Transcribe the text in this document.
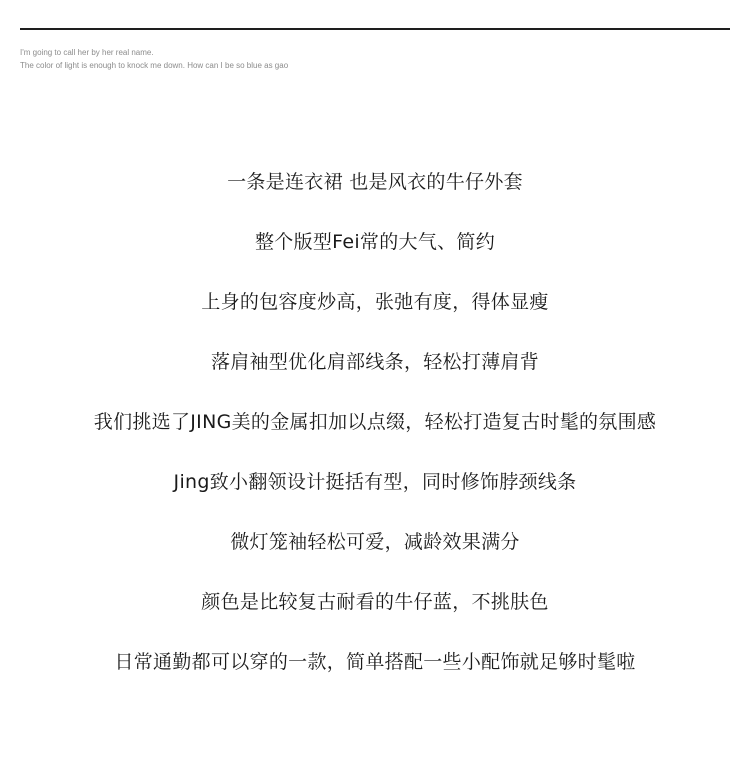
I'm going to call her by her real name.
The color of light is enough to knock me down. How can I be so blue as gao
一条是连衣裙 也是风衣的牛仔外套
整个版型Fei常的大气、简约
上身的包容度炒高，张弛有度，得体显瘦
落肩袖型优化肩部线条，轻松打薄肩背
我们挑选了JING美的金属扣加以点缀，轻松打造复古时髦的氛围感
Jing致小翻领设计挺括有型，同时修饰脖颈线条
微灯笼袖轻松可爱，减龄效果满分
颜色是比较复古耐看的牛仔蓝，不挑肤色
日常通勤都可以穿的一款，简单搭配一些小配饰就足够时髦啦
